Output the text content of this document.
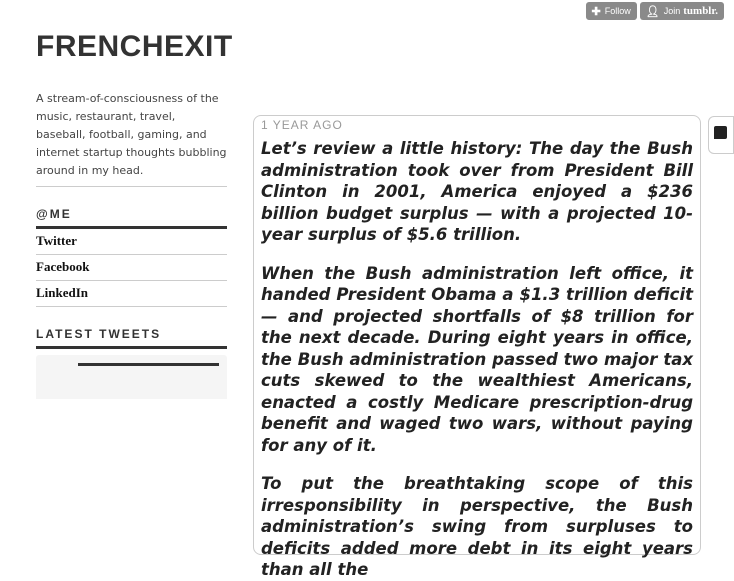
✚ Follow 👤︎ Join tumblr.
FRENCHEXIT
A stream-of-consciousness of the music, restaurant, travel, baseball, football, gaming, and internet startup thoughts bubbling around in my head.
@ME
Twitter
Facebook
LinkedIn
LATEST TWEETS
1 YEAR AGO

Let’s review a little history: The day the Bush administration took over from President Bill Clinton in 2001, America enjoyed a $236 billion budget surplus — with a projected 10-year surplus of $5.6 trillion.

When the Bush administration left office, it handed President Obama a $1.3 trillion deficit — and projected shortfalls of $8 trillion for the next decade. During eight years in office, the Bush administration passed two major tax cuts skewed to the wealthiest Americans, enacted a costly Medicare prescription-drug benefit and waged two wars, without paying for any of it.

To put the breathtaking scope of this irresponsibility in perspective, the Bush administration’s swing from surpluses to deficits added more debt in its eight years than all the
